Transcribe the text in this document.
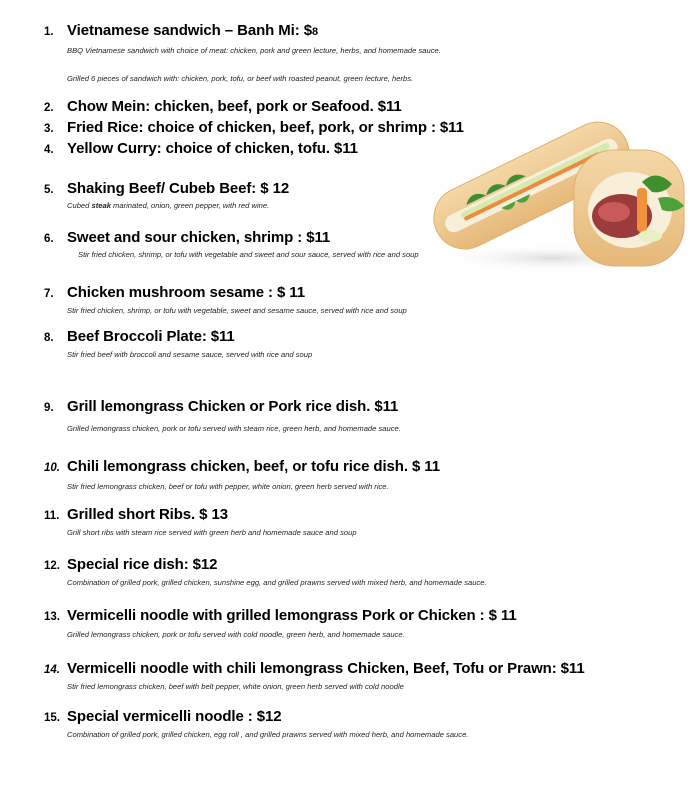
1. Vietnamese sandwich – Banh Mi: $8
BBQ Vietnamese sandwich with choice of meat: chicken, pork and green lecture, herbs, and homemade sauce.
Grilled 6 pieces of sandwich with: chicken, pork, tofu, or beef with roasted peanut, green lecture, herbs.
2. Chow Mein: chicken, beef, pork or Seafood. $11
3. Fried Rice: choice of chicken, beef, pork, or shrimp : $11
4. Yellow Curry: choice of chicken, tofu. $11
5. Shaking Beef/ Cubeb Beef: $ 12
Cubed steak marinated, onion, green pepper, with red wine.
6. Sweet and sour chicken, shrimp : $11
Stir fried chicken, shrimp, or tofu with vegetable and sweet and sour sauce, served with rice and soup
7. Chicken mushroom sesame : $ 11
Stir fried chicken, shrimp, or tofu with vegetable, sweet and sesame sauce, served with rice and soup
8. Beef Broccoli Plate: $11
Stir fried beef with broccoli and sesame sauce, served with rice and soup
9. Grill lemongrass Chicken or Pork rice dish. $11
Grilled lemongrass chicken, pork or tofu served with steam rice, green herb, and homemade sauce.
10. Chili lemongrass chicken, beef, or tofu rice dish. $ 11
Stir fried lemongrass chicken, beef or tofu with pepper, white onion, green herb served with rice.
11. Grilled short Ribs. $ 13
Grill short ribs with steam rice served with green herb and homemade sauce and soup
12. Special rice dish: $12
Combination of grilled pork, grilled chicken, sunshine egg, and grilled prawns served with mixed herb, and homemade sauce.
13. Vermicelli noodle with grilled lemongrass Pork or Chicken : $ 11
Grilled lemongrass chicken, pork or tofu served with cold noodle, green herb, and homemade sauce.
14. Vermicelli noodle with chili lemongrass Chicken, Beef, Tofu or Prawn: $11
Stir fried lemongrass chicken, beef with belt pepper, white onion, green herb served with cold noodle
15. Special vermicelli noodle : $12
Combination of grilled pork, grilled chicken, egg roll , and grilled prawns served with mixed herb, and homemade sauce.
